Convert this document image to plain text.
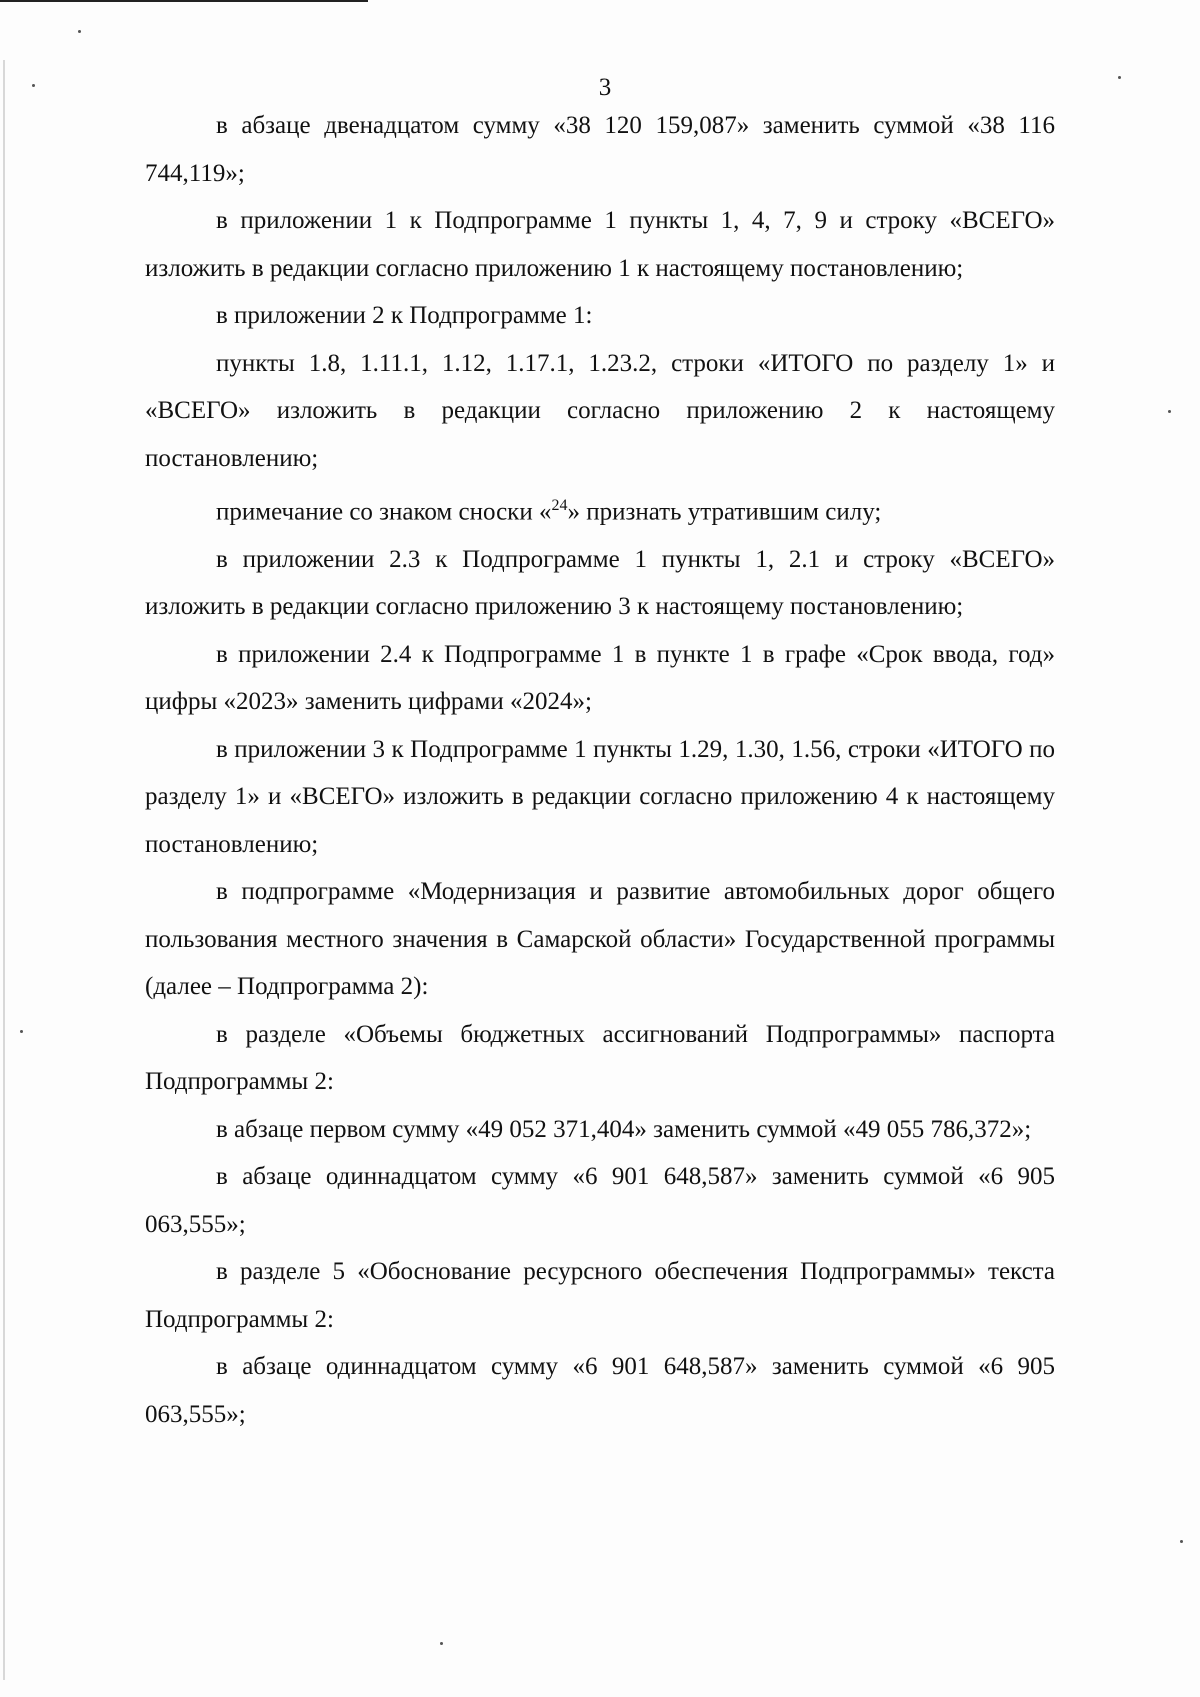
3

в абзаце двенадцатом сумму «38 120 159,087» заменить суммой «38 116 744,119»;

в приложении 1 к Подпрограмме 1 пункты 1, 4, 7, 9 и строку «ВСЕГО» изложить в редакции согласно приложению 1 к настоящему постановлению;

в приложении 2 к Подпрограмме 1:

пункты 1.8, 1.11.1, 1.12, 1.17.1, 1.23.2, строки «ИТОГО по разделу 1» и «ВСЕГО» изложить в редакции согласно приложению 2 к настоящему постановлению;

примечание со знаком сноски «$^{24}$» признать утратившим силу;

в приложении 2.3 к Подпрограмме 1 пункты 1, 2.1 и строку «ВСЕГО» изложить в редакции согласно приложению 3 к настоящему постановлению;

в приложении 2.4 к Подпрограмме 1 в пункте 1 в графе «Срок ввода, год» цифры «2023» заменить цифрами «2024»;

в приложении 3 к Подпрограмме 1 пункты 1.29, 1.30, 1.56, строки «ИТОГО по разделу 1» и «ВСЕГО» изложить в редакции согласно приложению 4 к настоящему постановлению;

в подпрограмме «Модернизация и развитие автомобильных дорог общего пользования местного значения в Самарской области» Государственной программы (далее – Подпрограмма 2):

в разделе «Объемы бюджетных ассигнований Подпрограммы» паспорта Подпрограммы 2:

в абзаце первом сумму «49 052 371,404» заменить суммой «49 055 786,372»;

в абзаце одиннадцатом сумму «6 901 648,587» заменить суммой «6 905 063,555»;

в разделе 5 «Обоснование ресурсного обеспечения Подпрограммы» текста Подпрограммы 2:

в абзаце одиннадцатом сумму «6 901 648,587» заменить суммой «6 905 063,555»;
